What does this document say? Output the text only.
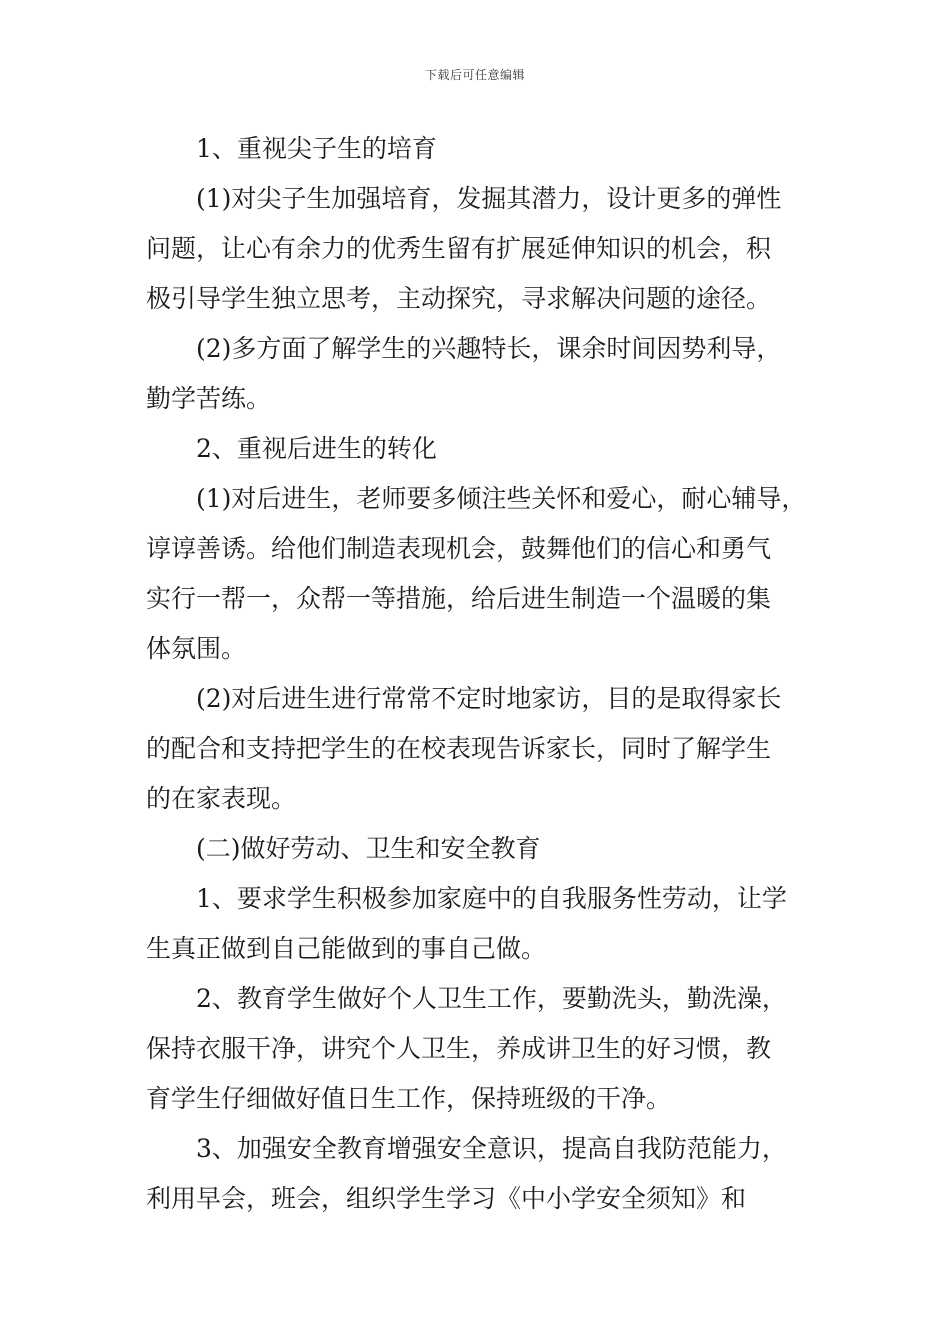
下载后可任意编辑
1、重视尖子生的培育
(1)对尖子生加强培育，发掘其潜力，设计更多的弹性
问题，让心有余力的优秀生留有扩展延伸知识的机会，积
极引导学生独立思考，主动探究，寻求解决问题的途径。
(2)多方面了解学生的兴趣特长，课余时间因势利导，
勤学苦练。
2、重视后进生的转化
(1)对后进生，老师要多倾注些关怀和爱心，耐心辅导，
谆谆善诱。给他们制造表现机会，鼓舞他们的信心和勇气
实行一帮一，众帮一等措施，给后进生制造一个温暖的集
体氛围。
(2)对后进生进行常常不定时地家访，目的是取得家长
的配合和支持把学生的在校表现告诉家长，同时了解学生
的在家表现。
(二)做好劳动、卫生和安全教育
1、要求学生积极参加家庭中的自我服务性劳动，让学
生真正做到自己能做到的事自己做。
2、教育学生做好个人卫生工作，要勤洗头，勤洗澡，
保持衣服干净，讲究个人卫生，养成讲卫生的好习惯，教
育学生仔细做好值日生工作，保持班级的干净。
3、加强安全教育增强安全意识，提高自我防范能力，
利用早会，班会，组织学生学习《中小学安全须知》和
